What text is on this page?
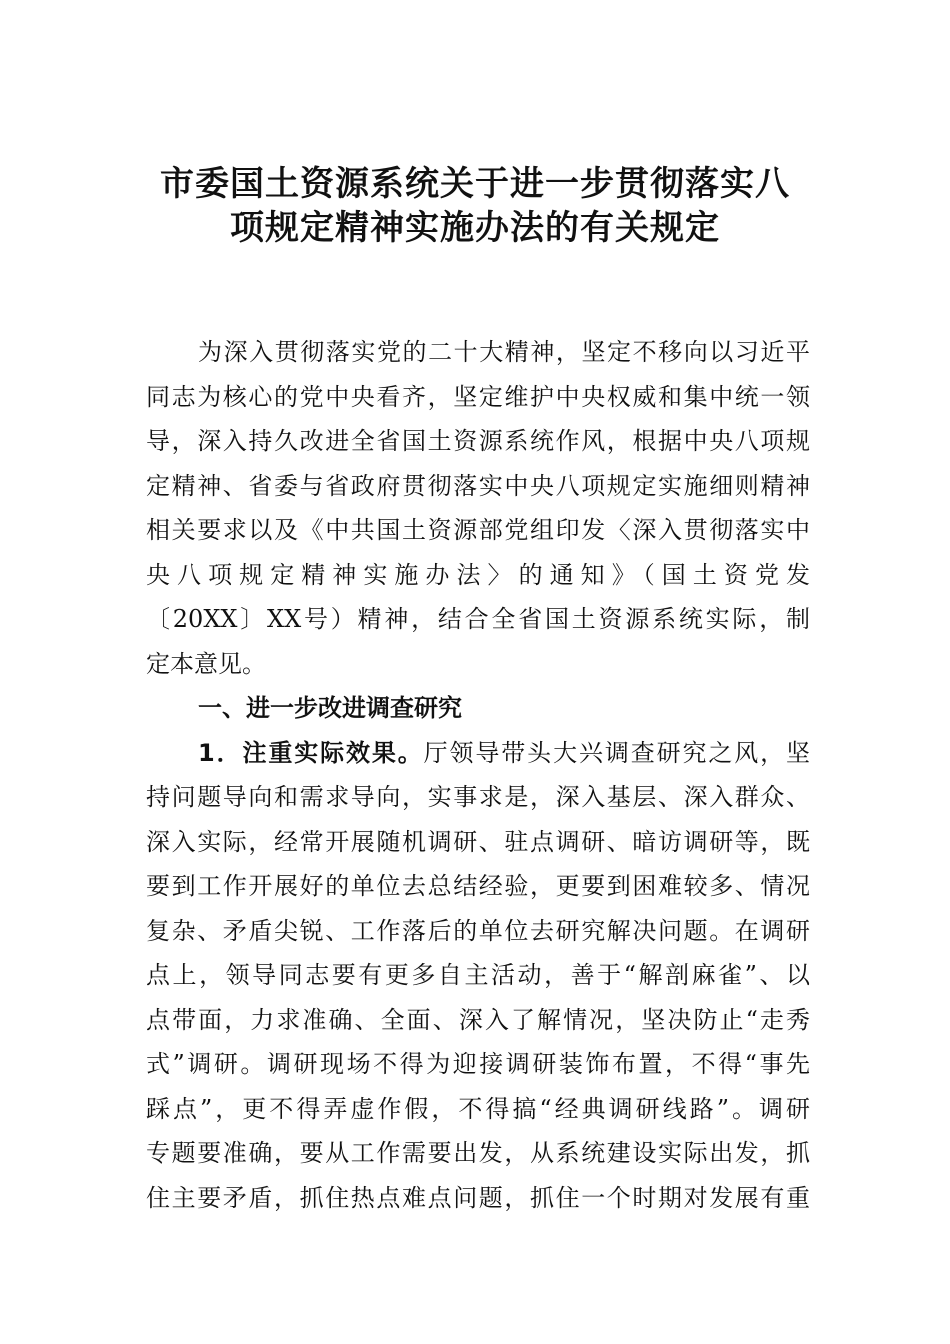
市委国土资源系统关于进一步贯彻落实八
项规定精神实施办法的有关规定
为深入贯彻落实党的二十大精神，坚定不移向以习近平
同志为核心的党中央看齐，坚定维护中央权威和集中统一领
导，深入持久改进全省国土资源系统作风，根据中央八项规
定精神、省委与省政府贯彻落实中央八项规定实施细则精神
相关要求以及《中共国土资源部党组印发〈深入贯彻落实中
央八项规定精神实施办法〉的通知》（国土资党发
〔20XX〕XX号）精神，结合全省国土资源系统实际，制
定本意见。
一、进一步改进调查研究
1．注重实际效果。厅领导带头大兴调查研究之风，坚
持问题导向和需求导向，实事求是，深入基层、深入群众、
深入实际，经常开展随机调研、驻点调研、暗访调研等，既
要到工作开展好的单位去总结经验，更要到困难较多、情况
复杂、矛盾尖锐、工作落后的单位去研究解决问题。在调研
点上，领导同志要有更多自主活动，善于“解剖麻雀”、以
点带面，力求准确、全面、深入了解情况，坚决防止“走秀
式”调研。调研现场不得为迎接调研装饰布置，不得“事先
踩点”，更不得弄虚作假，不得搞“经典调研线路”。调研
专题要准确，要从工作需要出发，从系统建设实际出发，抓
住主要矛盾，抓住热点难点问题，抓住一个时期对发展有重
